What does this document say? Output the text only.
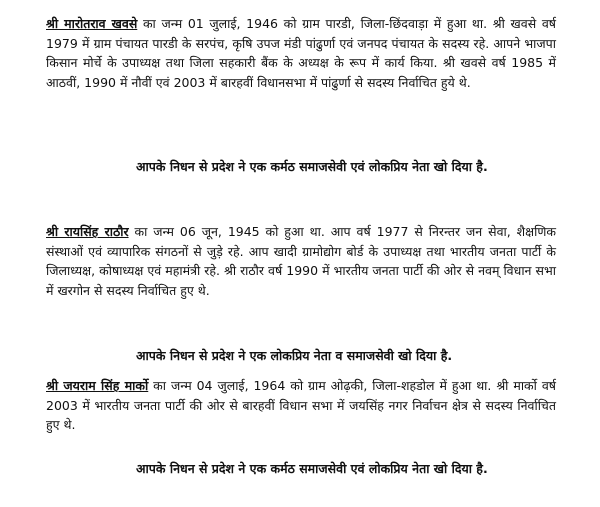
श्री मारोतराव खवसे का जन्म 01 जुलाई, 1946 को ग्राम पारडी, जिला-छिंदवाड़ा में हुआ था. श्री खवसे वर्ष 1979 में ग्राम पंचायत पारडी के सरपंच, कृषि उपज मंडी पांढुर्णा एवं जनपद पंचायत के सदस्य रहे. आपने भाजपा किसान मोर्चे के उपाध्यक्ष तथा जिला सहकारी बैंक के अध्यक्ष के रूप में कार्य किया. श्री खवसे वर्ष 1985 में आठवीं, 1990 में नौवीं एवं 2003 में बारहवीं विधानसभा में पांढुर्णा से सदस्य निर्वाचित हुये थे.

आपके निधन से प्रदेश ने एक कर्मठ समाजसेवी एवं लोकप्रिय नेता खो दिया है.

श्री रायसिंह राठौर का जन्म 06 जून, 1945 को हुआ था. आप वर्ष 1977 से निरन्तर जन सेवा, शैक्षणिक संस्थाओं एवं व्यापारिक संगठनों से जुड़े रहे. आप खादी ग्रामोद्योग बोर्ड के उपाध्यक्ष तथा भारतीय जनता पार्टी के जिलाध्यक्ष, कोषाध्यक्ष एवं महामंत्री रहे. श्री राठौर वर्ष 1990 में भारतीय जनता पार्टी की ओर से नवम् विधान सभा में खरगोन से सदस्य निर्वाचित हुए थे.

आपके निधन से प्रदेश ने एक लोकप्रिय नेता व समाजसेवी खो दिया है.

श्री जयराम सिंह मार्को का जन्म 04 जुलाई, 1964 को ग्राम ओढ़की, जिला-शहडोल में हुआ था. श्री मार्को वर्ष 2003 में भारतीय जनता पार्टी की ओर से बारहवीं विधान सभा में जयसिंह नगर निर्वाचन क्षेत्र से सदस्य निर्वाचित हुए थे.

आपके निधन से प्रदेश ने एक कर्मठ समाजसेवी एवं लोकप्रिय नेता खो दिया है.
